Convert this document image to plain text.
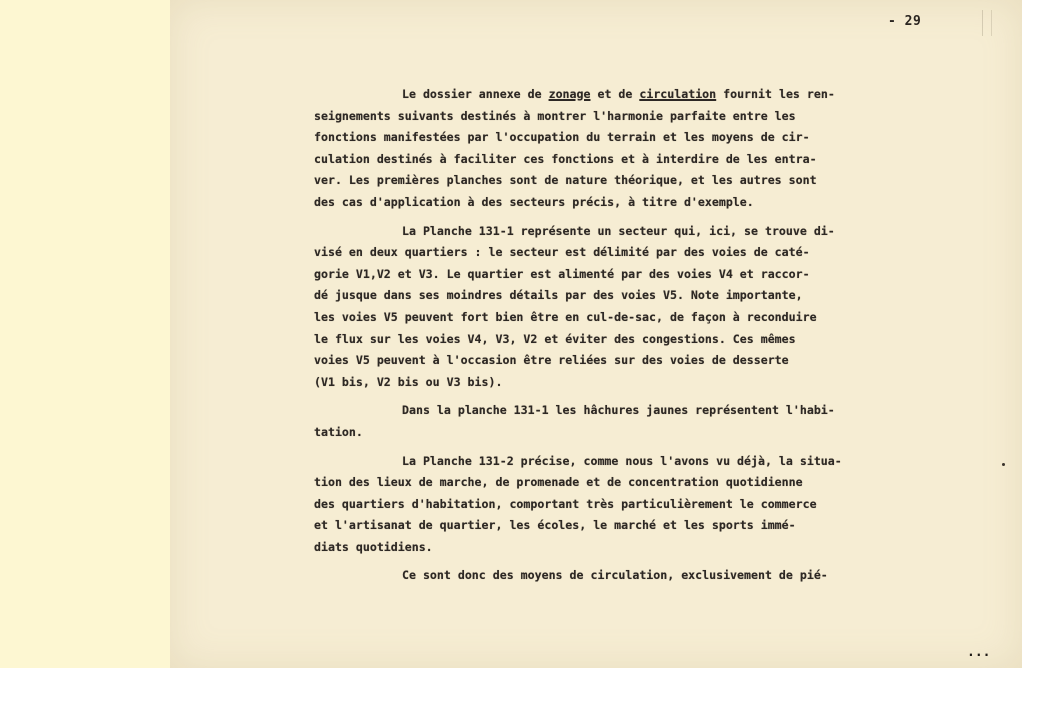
- 29
Le dossier annexe de zonage et de circulation fournit les ren-
seignements suivants destinés à montrer l'harmonie parfaite entre les
fonctions manifestées par l'occupation du terrain et les moyens de cir-
culation destinés à faciliter ces fonctions et à interdire de les entra-
ver. Les premières planches sont de nature théorique, et les autres sont
des cas d'application à des secteurs précis, à titre d'exemple.
La Planche 131-1 représente un secteur qui, ici, se trouve di-
visé en deux quartiers : le secteur est délimité par des voies de caté-
gorie V1,V2 et V3. Le quartier est alimenté par des voies V4 et raccor-
dé jusque dans ses moindres détails par des voies V5. Note importante,
les voies V5 peuvent fort bien être en cul-de-sac, de façon à reconduire
le flux sur les voies V4, V3, V2 et éviter des congestions. Ces mêmes
voies V5 peuvent à l'occasion être reliées sur des voies de desserte
(V1 bis, V2 bis ou V3 bis).
Dans la planche 131-1 les hâchures jaunes représentent l'habi-
tation.
La Planche 131-2 précise, comme nous l'avons vu déjà, la situa-
tion des lieux de marche, de promenade et de concentration quotidienne
des quartiers d'habitation, comportant très particulièrement le commerce
et l'artisanat de quartier, les écoles, le marché et les sports immé-
diats quotidiens.
Ce sont donc des moyens de circulation, exclusivement de pié-
...
